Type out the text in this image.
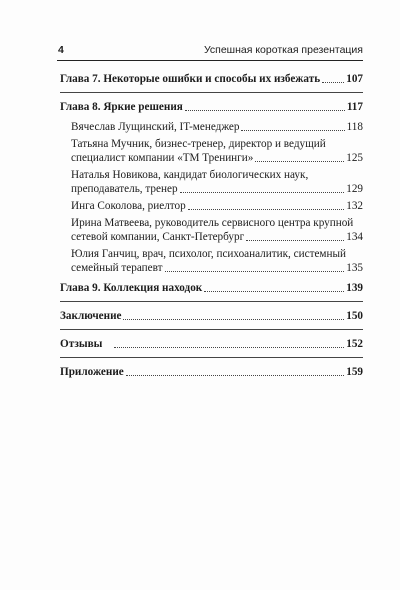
4	Успешная короткая презентация
Глава 7. Некоторые ошибки и способы их избежать 107
Глава 8. Яркие решения	117
Вячеслав Лущинский, IT-менеджер	118
Татьяна Мучник, бизнес-тренер, директор и ведущий
специалист компании «ТМ Тренинги»	125
Наталья Новикова, кандидат биологических наук,
преподаватель, тренер	129
Инга Соколова, риелтор	132
Ирина Матвеева, руководитель сервисного центра крупной
сетевой компании, Санкт-Петербург	134
Юлия Ганчиц, врач, психолог, психоаналитик, системный
семейный терапевт	135
Глава 9. Коллекция находок	139
Заключение	150
Отзывы	152
Приложение	159
